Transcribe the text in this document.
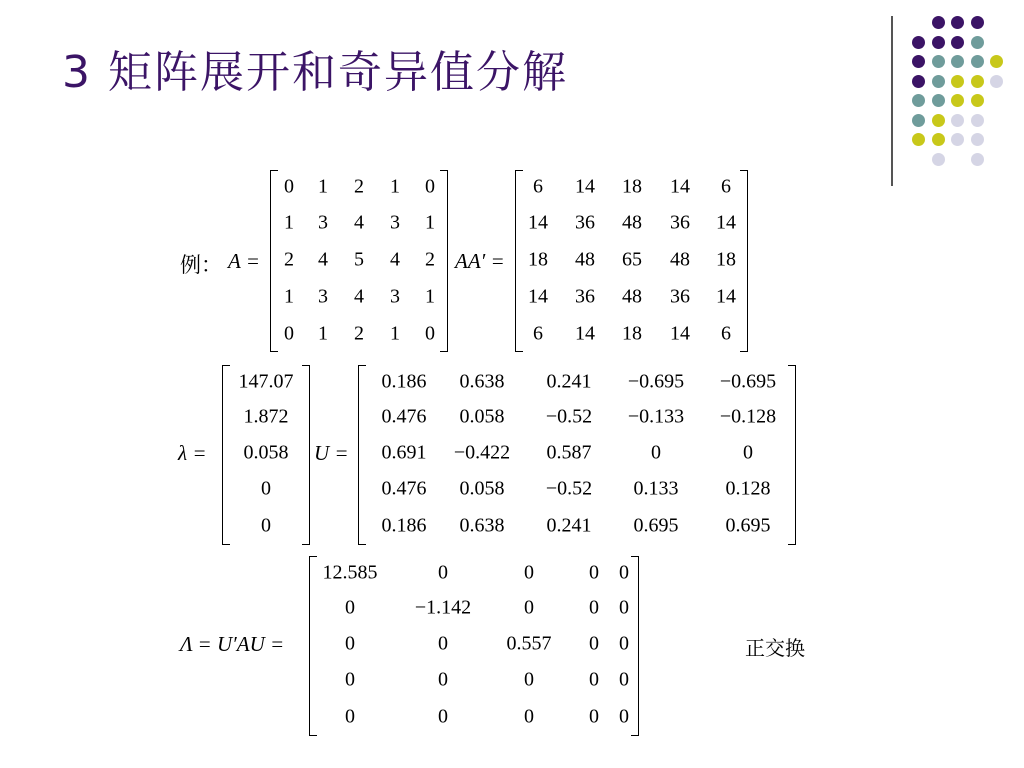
3 矩阵展开和奇异值分解
例： A =
0 1 2 1 0
1 3 4 3 1
2 4 5 4 2
1 3 4 3 1
0 1 2 1 0
AA′ =
6 14 18 14 6
14 36 48 36 14
18 48 65 48 18
14 36 48 36 14
6 14 18 14 6
λ =
147.07
1.872
0.058
0
0
U =
0.186 0.638 0.241 −0.695 −0.695
0.476 0.058 −0.52 −0.133 −0.128
0.691 −0.422 0.587	0	0
0.476 0.058 −0.52 0.133 0.128
0.186 0.638 0.241 0.695 0.695
Λ = U′AU =
12.585	0	0	0 0
0	−1.142	0	0 0
0	0	0.557 0 0
0	0	0	0 0
0	0	0	0 0
正交换
